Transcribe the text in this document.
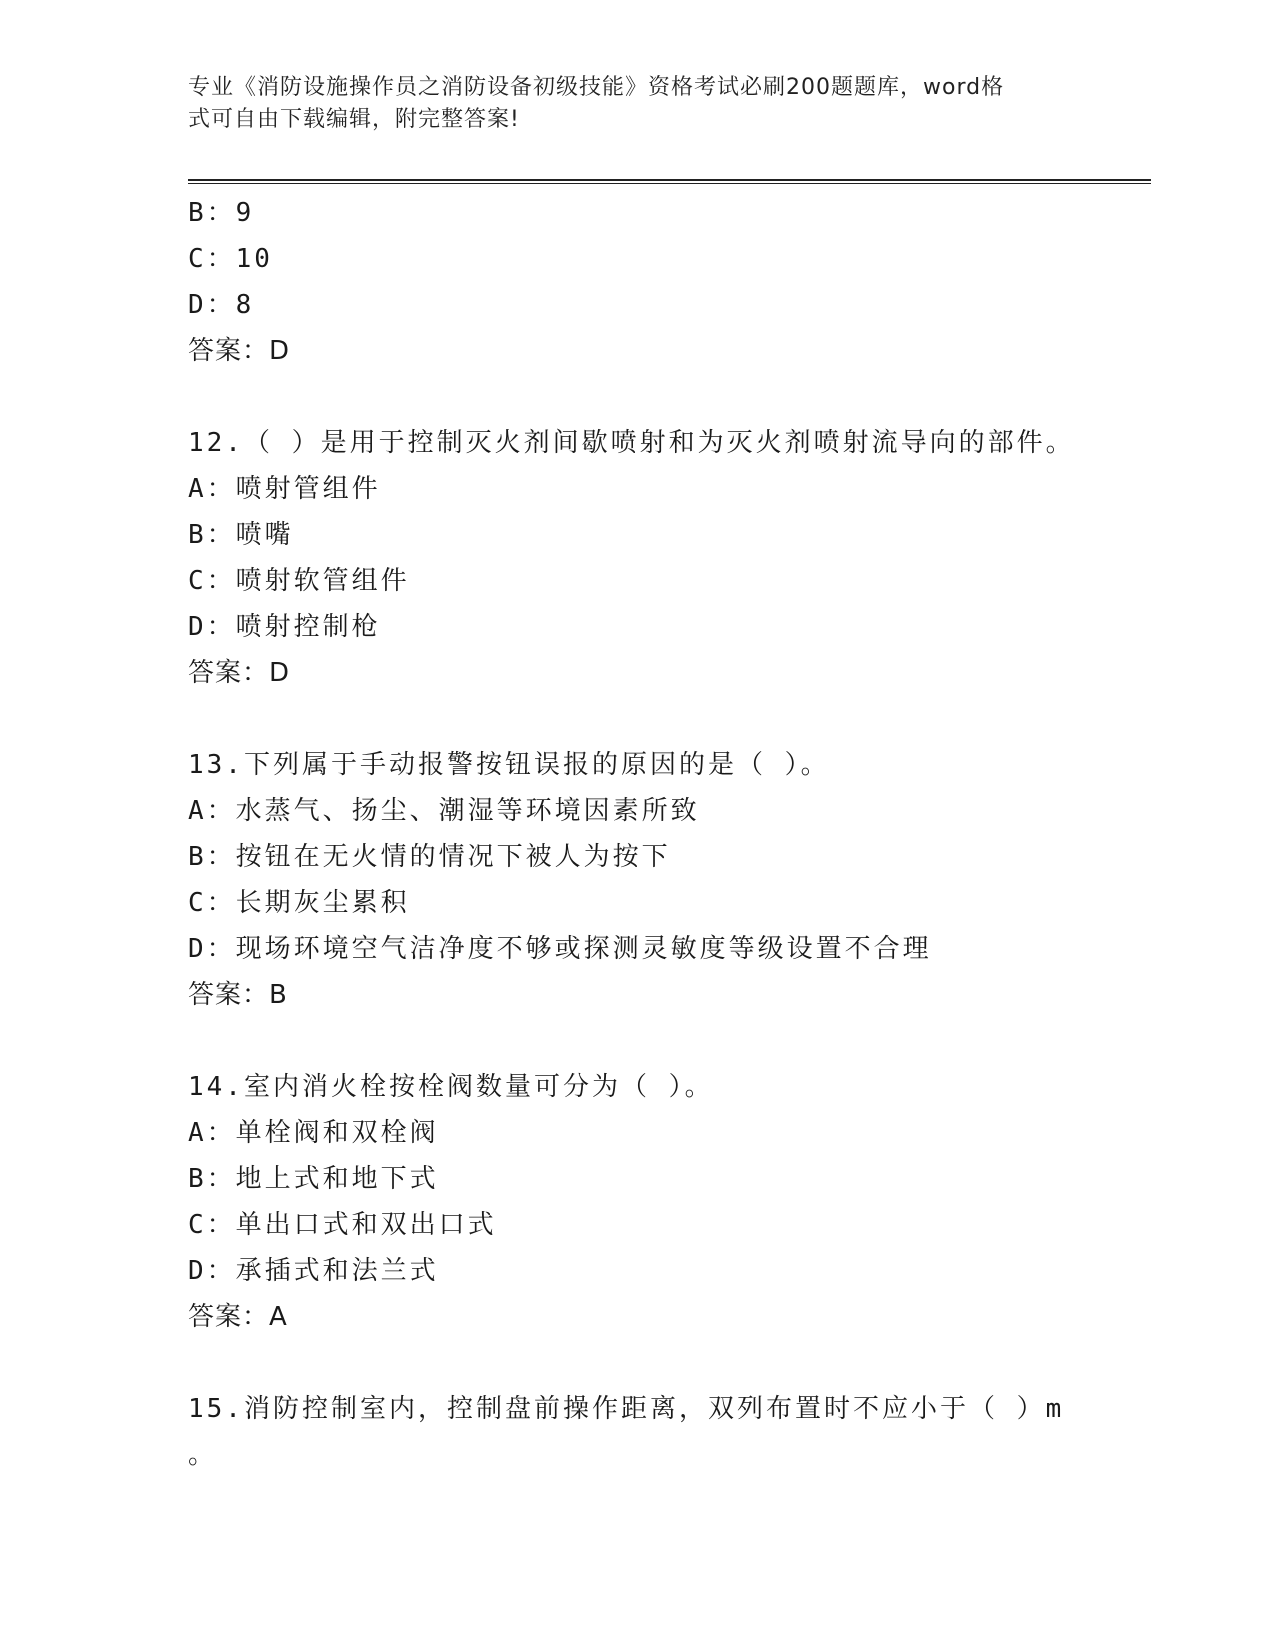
专业《消防设施操作员之消防设备初级技能》资格考试必刷200题题库，word格
式可自由下载编辑，附完整答案!
B：9
C：10
D：8
答案：D
12.（ ）是用于控制灭火剂间歇喷射和为灭火剂喷射流导向的部件。
A：喷射管组件
B：喷嘴
C：喷射软管组件
D：喷射控制枪
答案：D
13.下列属于手动报警按钮误报的原因的是（ ）。
A：水蒸气、扬尘、潮湿等环境因素所致
B：按钮在无火情的情况下被人为按下
C：长期灰尘累积
D：现场环境空气洁净度不够或探测灵敏度等级设置不合理
答案：B
14.室内消火栓按栓阀数量可分为（ ）。
A：单栓阀和双栓阀
B：地上式和地下式
C：单出口式和双出口式
D：承插式和法兰式
答案：A
15.消防控制室内，控制盘前操作距离，双列布置时不应小于（ ）m
。
